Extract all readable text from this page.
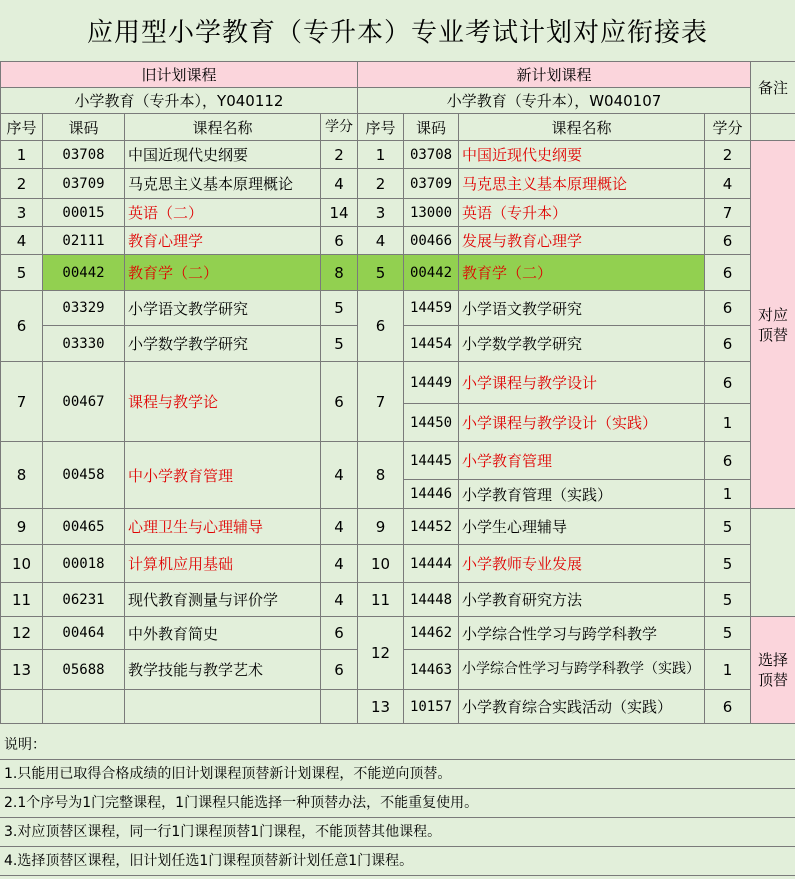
应用型小学教育（专升本）专业考试计划对应衔接表
旧计划课程				新计划课程				备注
小学教育（专升本），Y040112				小学教育（专升本），W040107				
序号	课码	课程名称	学分	序号	课码	课程名称	学分	
1	03708	中国近现代史纲要	2	1	03708	中国近现代史纲要	2	对应顶替
2	03709	马克思主义基本原理概论	4	2	03709	马克思主义基本原理概论	4	
3	00015	英语（二）	14	3	13000	英语（专升本）	7	
4	02111	教育心理学	6	4	00466	发展与教育心理学	6	
5	00442	教育学（二）	8	5	00442	教育学（二）	6	
6	03329	小学语文教学研究	5	6	14459	小学语文教学研究	6	
	03330	小学数学教学研究	5		14454	小学数学教学研究	6	
7	00467	课程与教学论	6	7	14449	小学课程与教学设计	6	
					14450	小学课程与教学设计（实践）	1	
8	00458	中小学教育管理	4	8	14445	小学教育管理	6	
					14446	小学教育管理（实践）	1	
9	00465	心理卫生与心理辅导	4	9	14452	小学生心理辅导	5	
10	00018	计算机应用基础	4	10	14444	小学教师专业发展	5	
11	06231	现代教育测量与评价学	4	11	14448	小学教育研究方法	5	
12	00464	中外教育简史	6	12	14462	小学综合性学习与跨学科教学	5	选择顶替
13	05688	教学技能与教学艺术	6		14463	小学综合性学习与跨学科教学（实践）	1	
				13	10157	小学教育综合实践活动（实践）	6	
说明：
1.只能用已取得合格成绩的旧计划课程顶替新计划课程，不能逆向顶替。
2.1个序号为1门完整课程，1门课程只能选择一种顶替办法，不能重复使用。
3.对应顶替区课程，同一行1门课程顶替1门课程，不能顶替其他课程。
4.选择顶替区课程，旧计划任选1门课程顶替新计划任意1门课程。
